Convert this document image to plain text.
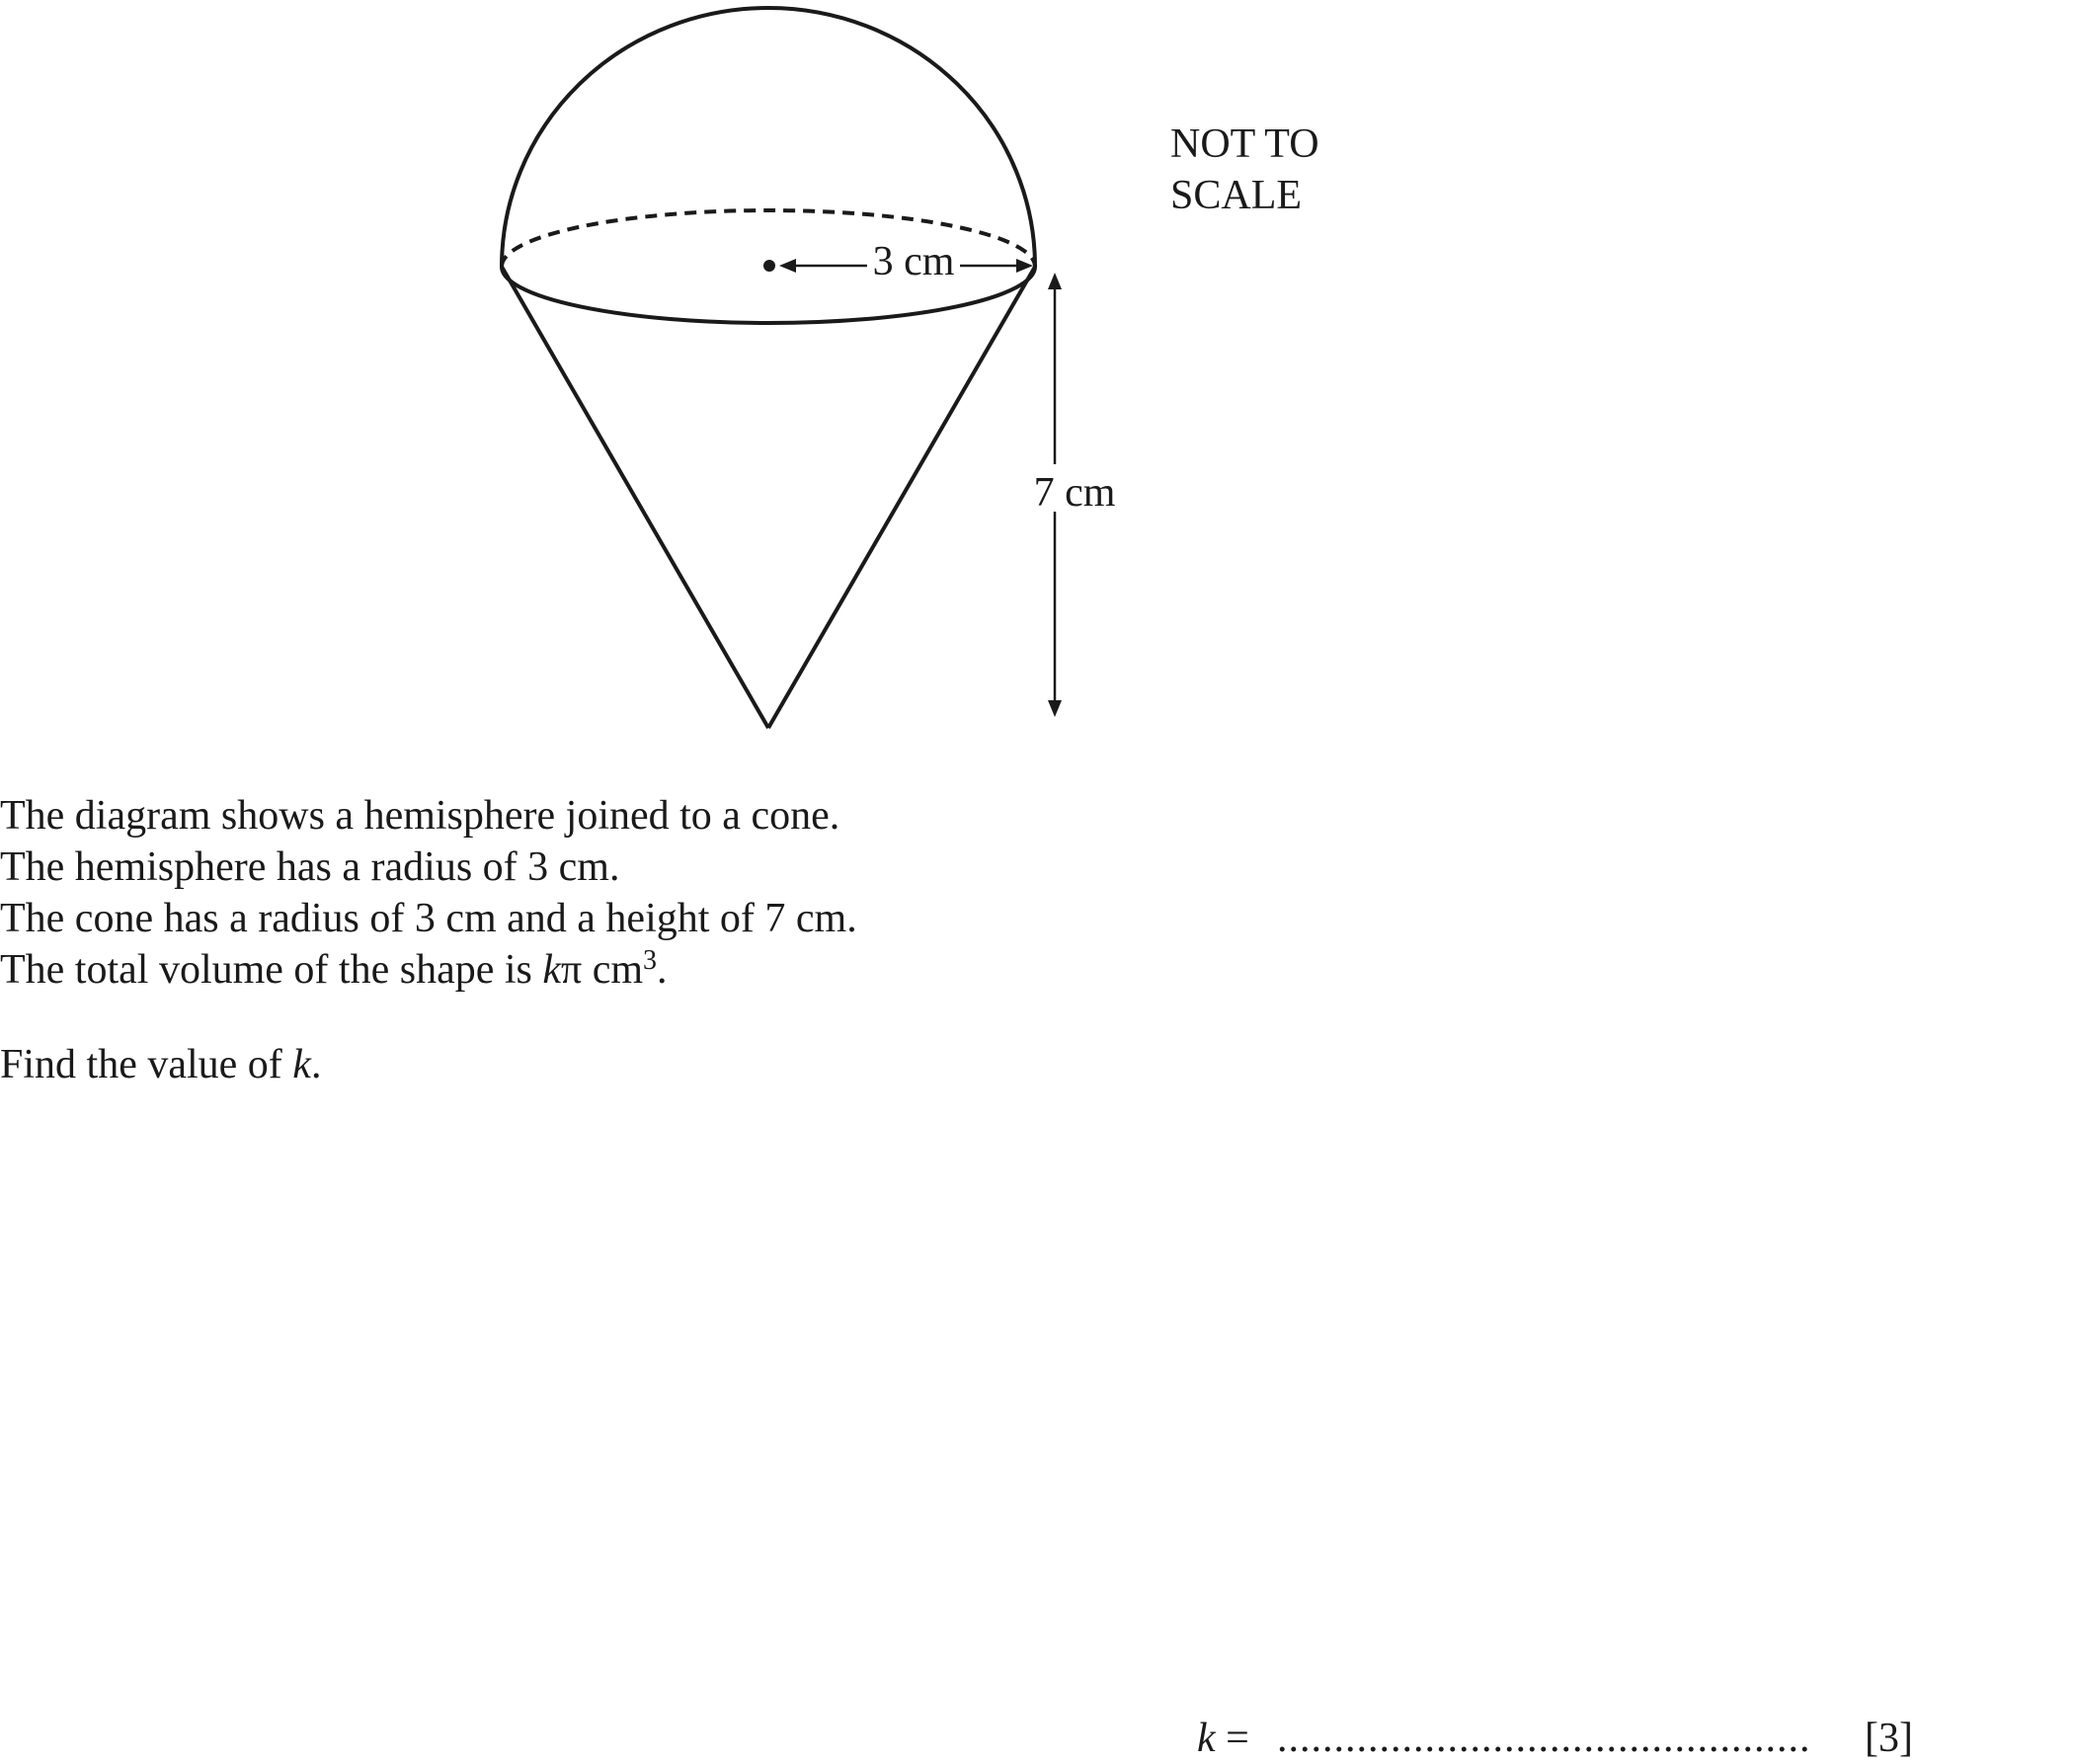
3 cm
7 cm
NOT TO
SCALE
The diagram shows a hemisphere joined to a cone.
The hemisphere has a radius of 3 cm.
The cone has a radius of 3 cm and a height of 7 cm.
The total volume of the shape is kπ $cm^3$.
Find the value of k.
k = ............................................... [3]
